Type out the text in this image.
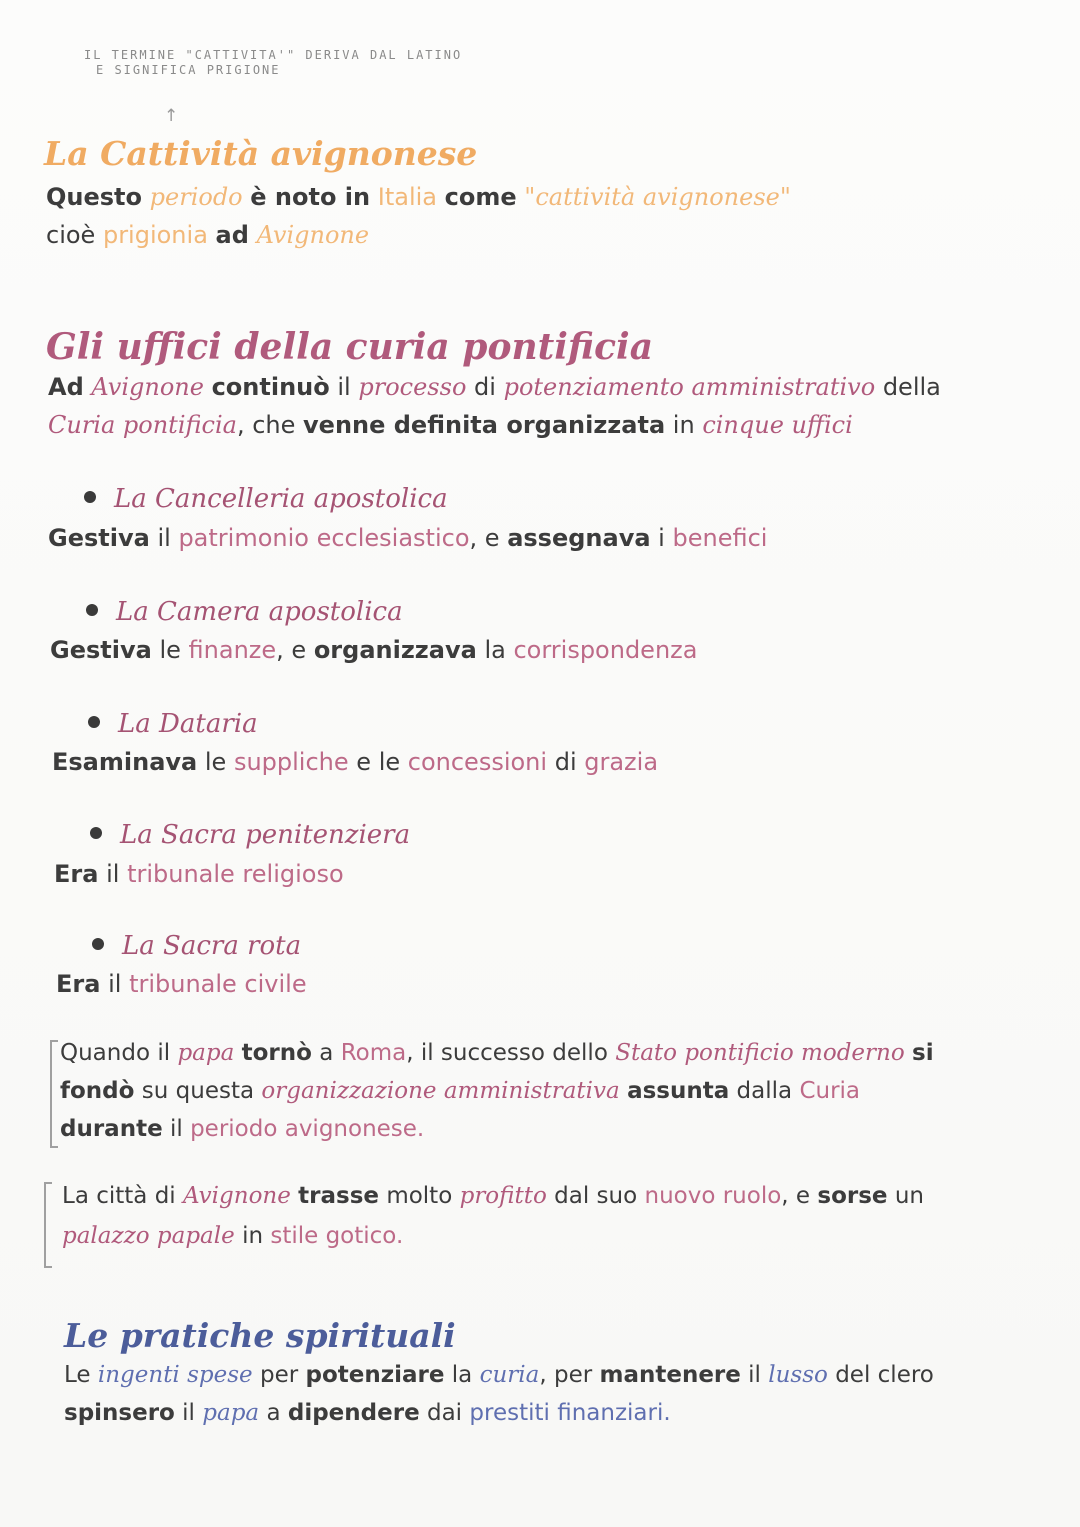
IL TERMINE "CATTIVITA'" DERIVA DAL LATINO
E SIGNIFICA PRIGIONE
↑
La Cattività avignonese
Questo periodo è noto in Italia come "cattività avignonese"
cioè prigionia ad Avignone
Gli uffici della curia pontificia
Ad Avignone continuò il processo di potenziamento amministrativo della
Curia pontificia, che venne definita organizzata in cinque uffici
La Cancelleria apostolica
Gestiva il patrimonio ecclesiastico, e assegnava i benefici
La Camera apostolica
Gestiva le finanze, e organizzava la corrispondenza
La Dataria
Esaminava le suppliche e le concessioni di grazia
La Sacra penitenziera
Era il tribunale religioso
La Sacra rota
Era il tribunale civile
Quando il papa tornò a Roma, il successo dello Stato pontificio moderno si
fondò su questa organizzazione amministrativa assunta dalla Curia
durante il periodo avignonese.
La città di Avignone trasse molto profitto dal suo nuovo ruolo, e sorse un
palazzo papale in stile gotico.
Le pratiche spirituali
Le ingenti spese per potenziare la curia, per mantenere il lusso del clero
spinsero il papa a dipendere dai prestiti finanziari.
